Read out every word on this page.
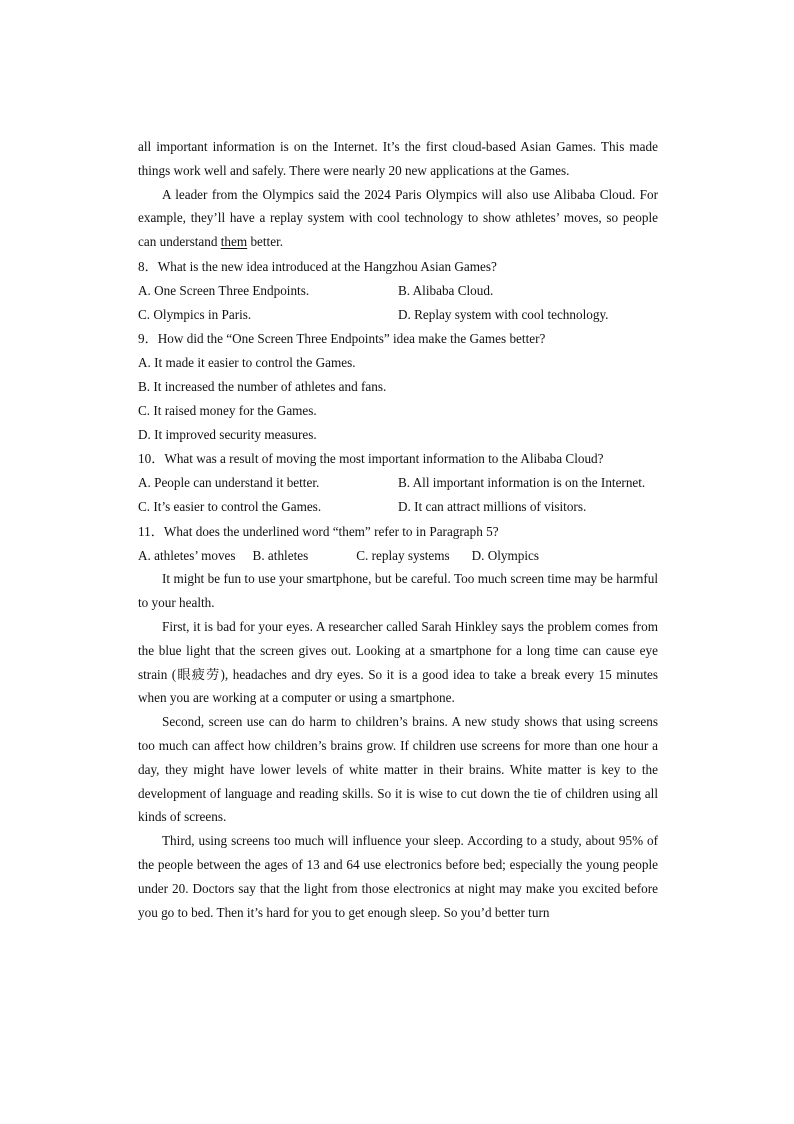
all important information is on the Internet. It’s the first cloud-based Asian Games. This made things work well and safely. There were nearly 20 new applications at the Games.

A leader from the Olympics said the 2024 Paris Olympics will also use Alibaba Cloud. For example, they’ll have a replay system with cool technology to show athletes’ moves, so people can understand them better.

8．What is the new idea introduced at the Hangzhou Asian Games?

A. One Screen Three Endpoints.	B. Alibaba Cloud.
C. Olympics in Paris.	D. Replay system with cool technology.

9．How did the “One Screen Three Endpoints” idea make the Games better?

A. It made it easier to control the Games.

B. It increased the number of athletes and fans.

C. It raised money for the Games.

D. It improved security measures.

10．What was a result of moving the most important information to the Alibaba Cloud?

A. People can understand it better.	B. All important information is on the Internet.
C. It’s easier to control the Games.	D. It can attract millions of visitors.

11．What does the underlined word “them” refer to in Paragraph 5?

A. athletes’ moves B. athletes	C. replay systems D. Olympics

It might be fun to use your smartphone, but be careful. Too much screen time may be harmful to your health.

First, it is bad for your eyes. A researcher called Sarah Hinkley says the problem comes from the blue light that the screen gives out. Looking at a smartphone for a long time can cause eye strain (眼疲劳), headaches and dry eyes. So it is a good idea to take a break every 15 minutes when you are working at a computer or using a smartphone.

Second, screen use can do harm to children’s brains. A new study shows that using screens too much can affect how children’s brains grow. If children use screens for more than one hour a day, they might have lower levels of white matter in their brains. White matter is key to the development of language and reading skills. So it is wise to cut down the tie of children using all kinds of screens.

Third, using screens too much will influence your sleep. According to a study, about 95% of the people between the ages of 13 and 64 use electronics before bed; especially the young people under 20. Doctors say that the light from those electronics at night may make you excited before you go to bed. Then it’s hard for you to get enough sleep. So you’d better turn
